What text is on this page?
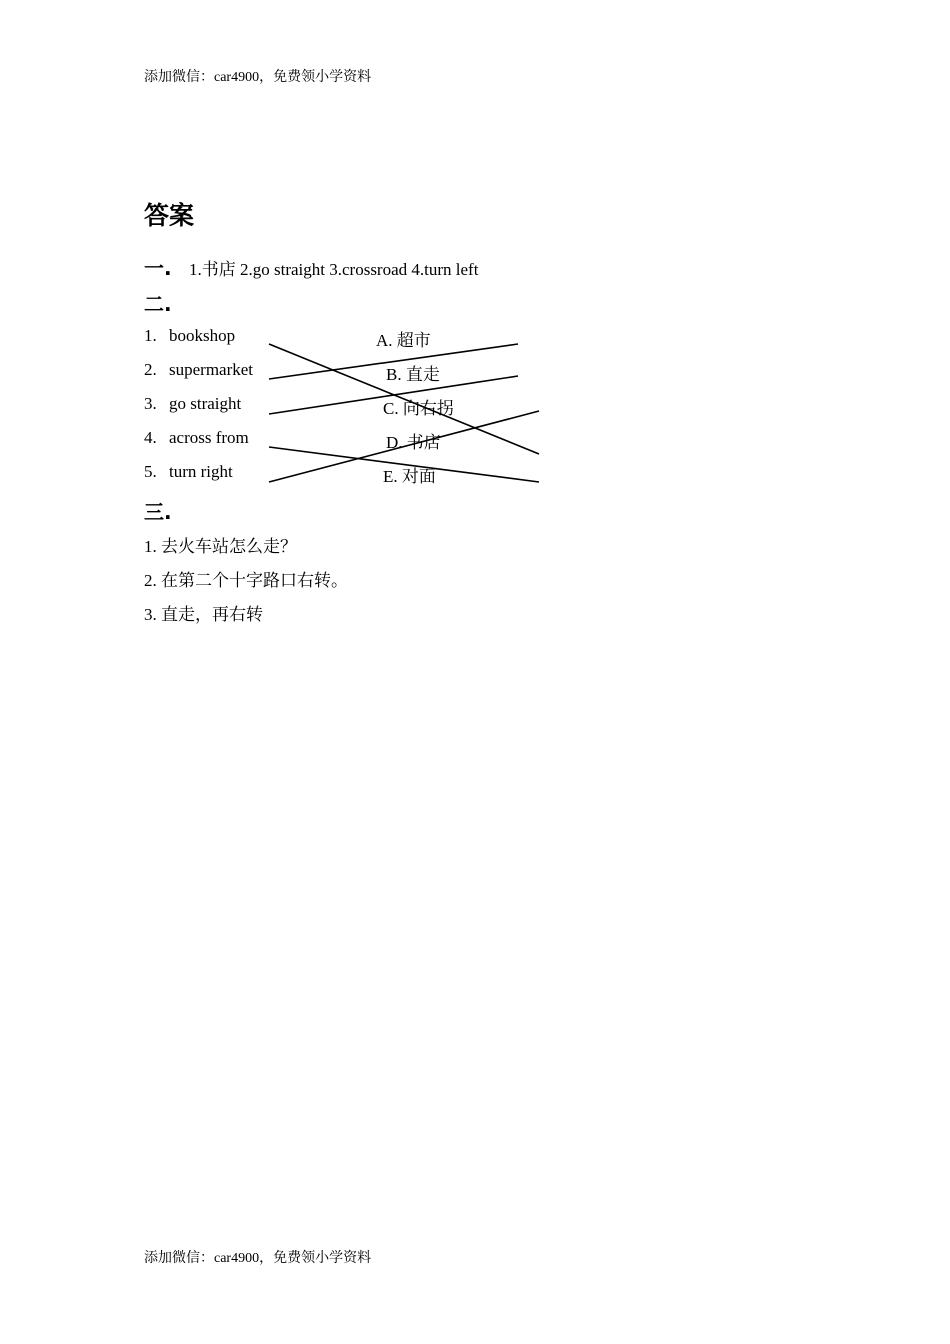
添加微信：car4900，免费领小学资料
答案
一. 1.书店 2.go straight 3.crossroad 4.turn left
二.
1. bookshop
2. supermarket
3. go straight
4. across from
5. turn right
A. 超市
B. 直走
C. 向右拐
D. 书店
E. 对面
三.
1. 去火车站怎么走？
2. 在第二个十字路口右转。
3. 直走，再右转
添加微信：car4900，免费领小学资料
